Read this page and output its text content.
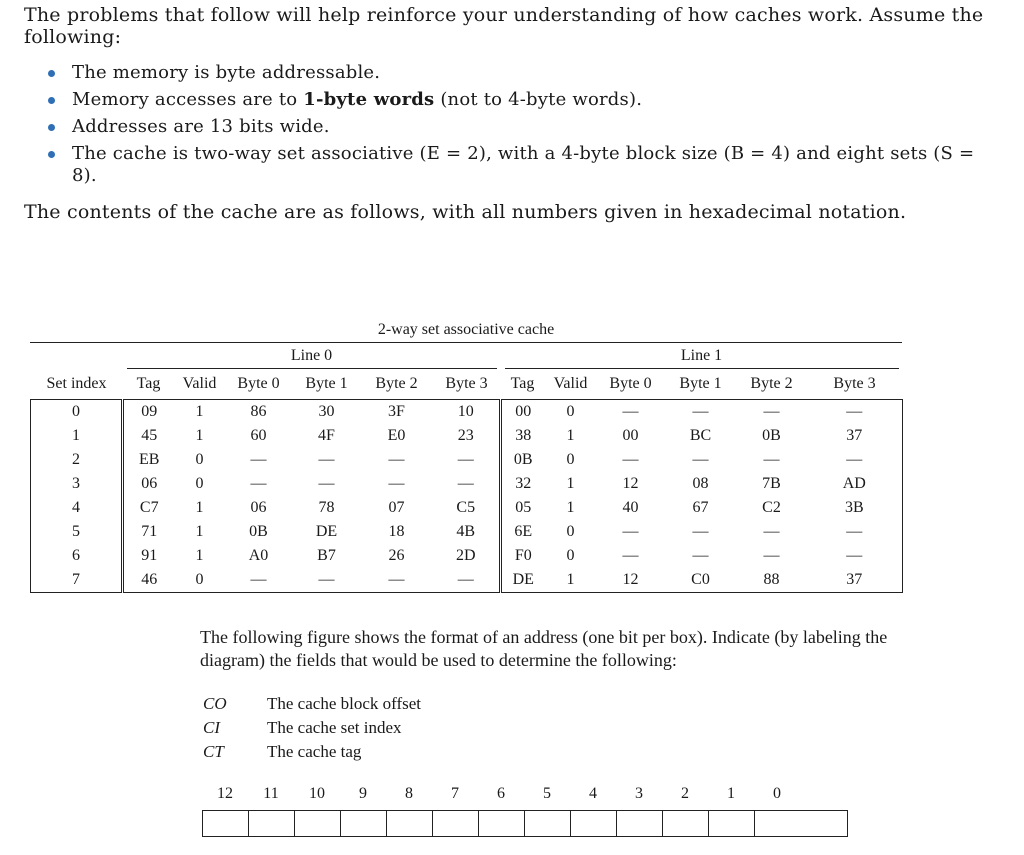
The problems that follow will help reinforce your understanding of how caches work. Assume the following:

The memory is byte addressable.
Memory accesses are to 1-byte words (not to 4-byte words).
Addresses are 13 bits wide.
The cache is two-way set associative (E = 2), with a 4-byte block size (B = 4) and eight sets (S = 8).

The contents of the cache are as follows, with all numbers given in hexadecimal notation.

2-way set associative cache

	Line 0						Line 1					

Set index	Tag	Valid	Byte 0	Byte 1	Byte 2	Byte 3	Tag	Valid	Byte 0	Byte 1	Byte 2	Byte 3
0	09	1	86	30	3F	10	00	0	—	—	—	—
1	45	1	60	4F	E0	23	38	1	00	BC	0B	37
2	EB	0	—	—	—	—	0B	0	—	—	—	—
3	06	0	—	—	—	—	32	1	12	08	7B	AD
4	C7	1	06	78	07	C5	05	1	40	67	C2	3B
5	71	1	0B	DE	18	4B	6E	0	—	—	—	—
6	91	1	A0	B7	26	2D	F0	0	—	—	—	—
7	46	0	—	—	—	—	DE	1	12	C0	88	37

The following figure shows the format of an address (one bit per box). Indicate (by labeling the diagram) the fields that would be used to determine the following:

CO	The cache block offset
CI	The cache set index
CT	The cache tag
12	11	10	9	8	7	6	5	4	3	2	1	0
